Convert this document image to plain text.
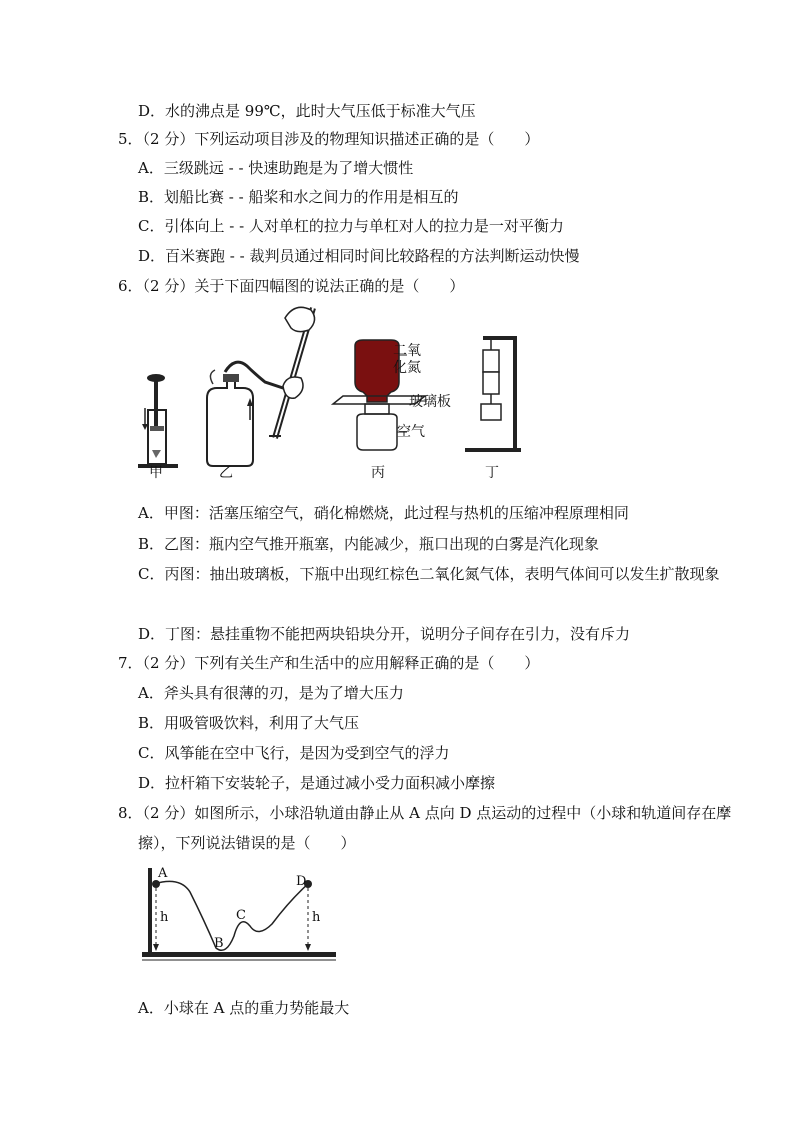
D．水的沸点是 99℃，此时大气压低于标准大气压
5．（2 分）下列运动项目涉及的物理知识描述正确的是（　　）
A．三级跳远 - - 快速助跑是为了增大惯性
B．划船比赛 - - 船桨和水之间力的作用是相互的
C．引体向上 - - 人对单杠的拉力与单杠对人的拉力是一对平衡力
D．百米赛跑 - - 裁判员通过相同时间比较路程的方法判断运动快慢
6．（2 分）关于下面四幅图的说法正确的是（　　）
甲	乙
二氧
化氮
玻璃板
空气
丙	丁
A．甲图：活塞压缩空气，硝化棉燃烧，此过程与热机的压缩冲程原理相同
B．乙图：瓶内空气推开瓶塞，内能减少，瓶口出现的白雾是汽化现象
C．丙图：抽出玻璃板，下瓶中出现红棕色二氧化氮气体，表明气体间可以发生扩散现象
D．丁图：悬挂重物不能把两块铅块分开，说明分子间存在引力，没有斥力
7．（2 分）下列有关生产和生活中的应用解释正确的是（　　）
A．斧头具有很薄的刃，是为了增大压力
B．用吸管吸饮料，利用了大气压
C．风筝能在空中飞行，是因为受到空气的浮力
D．拉杆箱下安装轮子，是通过减小受力面积减小摩擦
8．（2 分）如图所示，小球沿轨道由静止从 A 点向 D 点运动的过程中（小球和轨道间存在摩
擦），下列说法错误的是（　　）
A
B
C
D
h	h
A．小球在 A 点的重力势能最大
